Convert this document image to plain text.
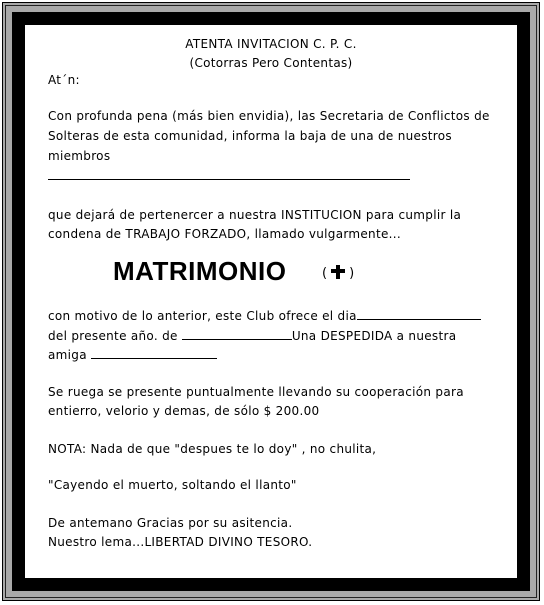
ATENTA INVITACION C. P. C.
(Cotorras Pero Contentas)
At´n:
Con profunda pena (más bien envidia), las Secretaria de Conflictos de
Solteras de esta comunidad, informa la baja de una de nuestros
miembros
que dejará de pertenercer a nuestra INSTITUCION para cumplir la
condena de TRABAJO FORZADO, llamado vulgarmente...
MATRIMONIO	( )
con motivo de lo anterior, este Club ofrece el dia
del presente año. de	Una DESPEDIDA a nuestra
amiga
Se ruega se presente puntualmente llevando su cooperación para
entierro, velorio y demas, de sólo $ 200.00
NOTA: Nada de que "despues te lo doy" , no chulita,
"Cayendo el muerto, soltando el llanto"
De antemano Gracias por su asitencia.
Nuestro lema...LIBERTAD DIVINO TESORO.
